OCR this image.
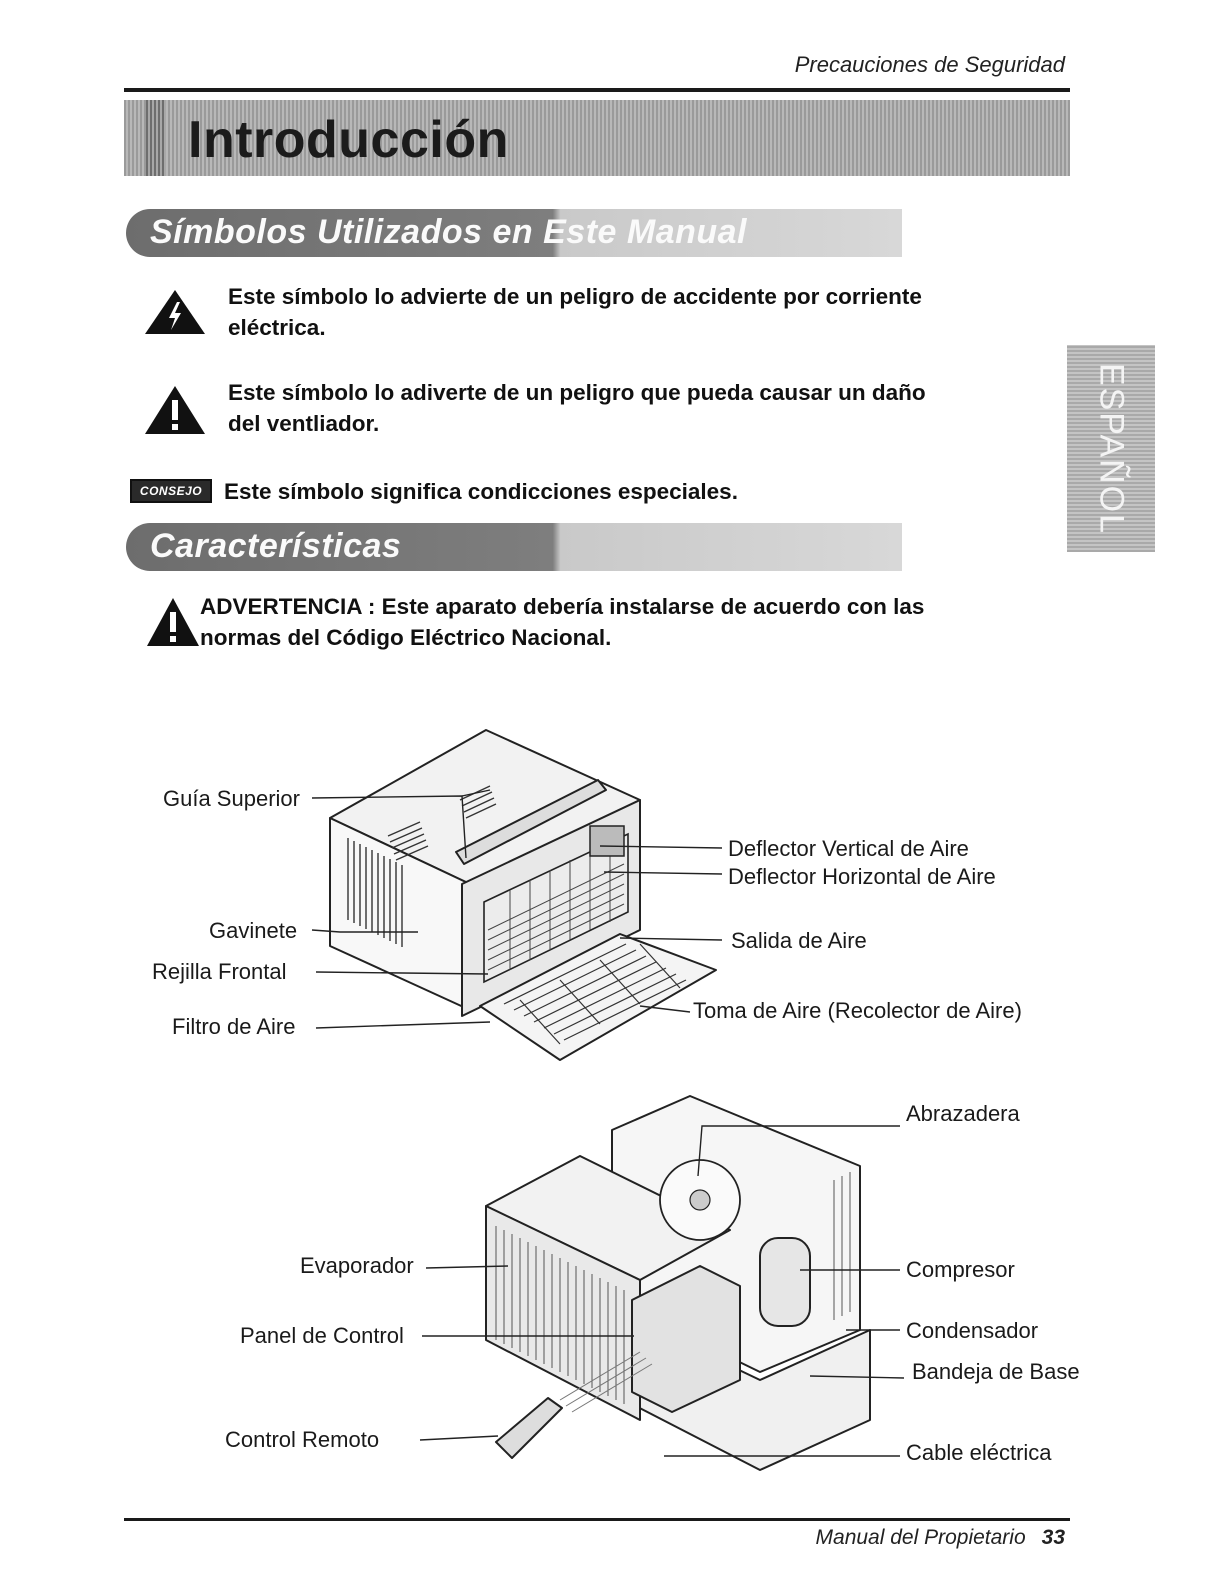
Precauciones de Seguridad
Introducción
ESPAÑOL
Símbolos Utilizados en Este Manual
Este símbolo lo advierte de un peligro de accidente por corriente
eléctrica.
Este símbolo lo adiverte de un peligro que pueda causar un daño
del ventliador.
CONSEJO Este símbolo significa condicciones especiales.
Características
ADVERTENCIA : Este aparato debería instalarse de acuerdo con las
normas del Código Eléctrico Nacional.
Guía Superior
Gavinete
Rejilla Frontal
Filtro de Aire
Deflector Vertical de Aire
Deflector Horizontal de Aire
Salida de Aire
Toma de Aire (Recolector de Aire)
Abrazadera
Evaporador
Panel de Control
Control Remoto
Compresor
Condensador
Bandeja de Base
Cable eléctrica
Manual del Propietario 33
